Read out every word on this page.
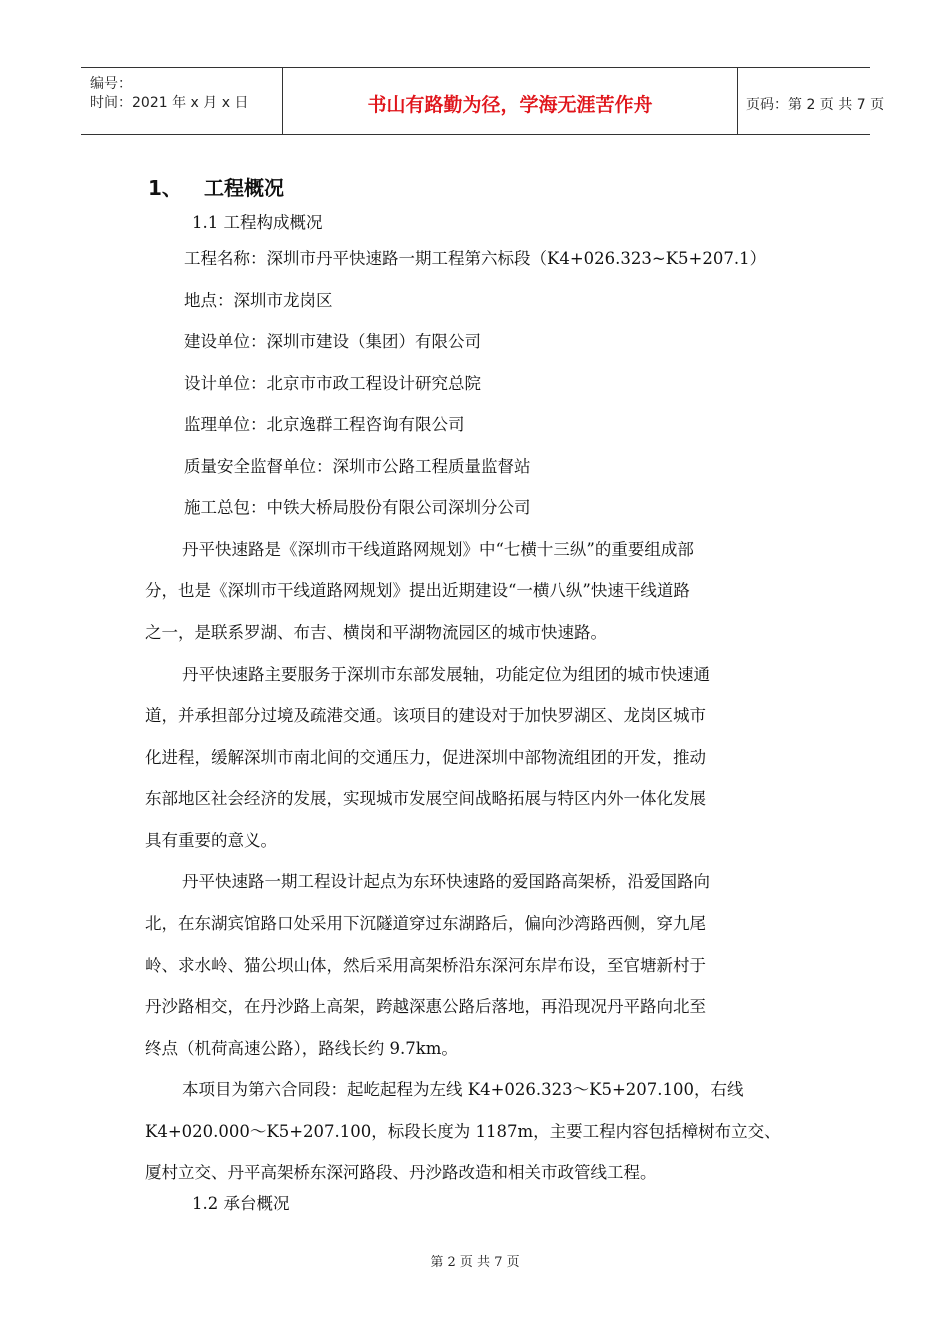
编号：
时间：2021 年 x 月 x 日	书山有路勤为径，学海无涯苦作舟	页码：第 2 页 共 7 页
1、 工程概况
1.1 工程构成概况
工程名称：深圳市丹平快速路一期工程第六标段（K4+026.323~K5+207.1）
地点：深圳市龙岗区
建设单位：深圳市建设（集团）有限公司
设计单位：北京市市政工程设计研究总院
监理单位：北京逸群工程咨询有限公司
质量安全监督单位：深圳市公路工程质量监督站
施工总包：中铁大桥局股份有限公司深圳分公司
丹平快速路是《深圳市干线道路网规划》中“七横十三纵”的重要组成部
分，也是《深圳市干线道路网规划》提出近期建设“一横八纵”快速干线道路
之一，是联系罗湖、布吉、横岗和平湖物流园区的城市快速路。
丹平快速路主要服务于深圳市东部发展轴，功能定位为组团的城市快速通
道，并承担部分过境及疏港交通。该项目的建设对于加快罗湖区、龙岗区城市
化进程，缓解深圳市南北间的交通压力，促进深圳中部物流组团的开发，推动
东部地区社会经济的发展，实现城市发展空间战略拓展与特区内外一体化发展
具有重要的意义。
丹平快速路一期工程设计起点为东环快速路的爱国路高架桥，沿爱国路向
北，在东湖宾馆路口处采用下沉隧道穿过东湖路后，偏向沙湾路西侧，穿九尾
岭、求水岭、猫公坝山体，然后采用高架桥沿东深河东岸布设，至官塘新村于
丹沙路相交，在丹沙路上高架，跨越深惠公路后落地，再沿现况丹平路向北至
终点（机荷高速公路），路线长约 9.7km。
本项目为第六合同段：起屹起程为左线 K4+026.323～K5+207.100，右线
K4+020.000～K5+207.100，标段长度为 1187m，主要工程内容包括樟树布立交、
厦村立交、丹平高架桥东深河路段、丹沙路改造和相关市政管线工程。
1.2 承台概况
第 2 页 共 7 页
